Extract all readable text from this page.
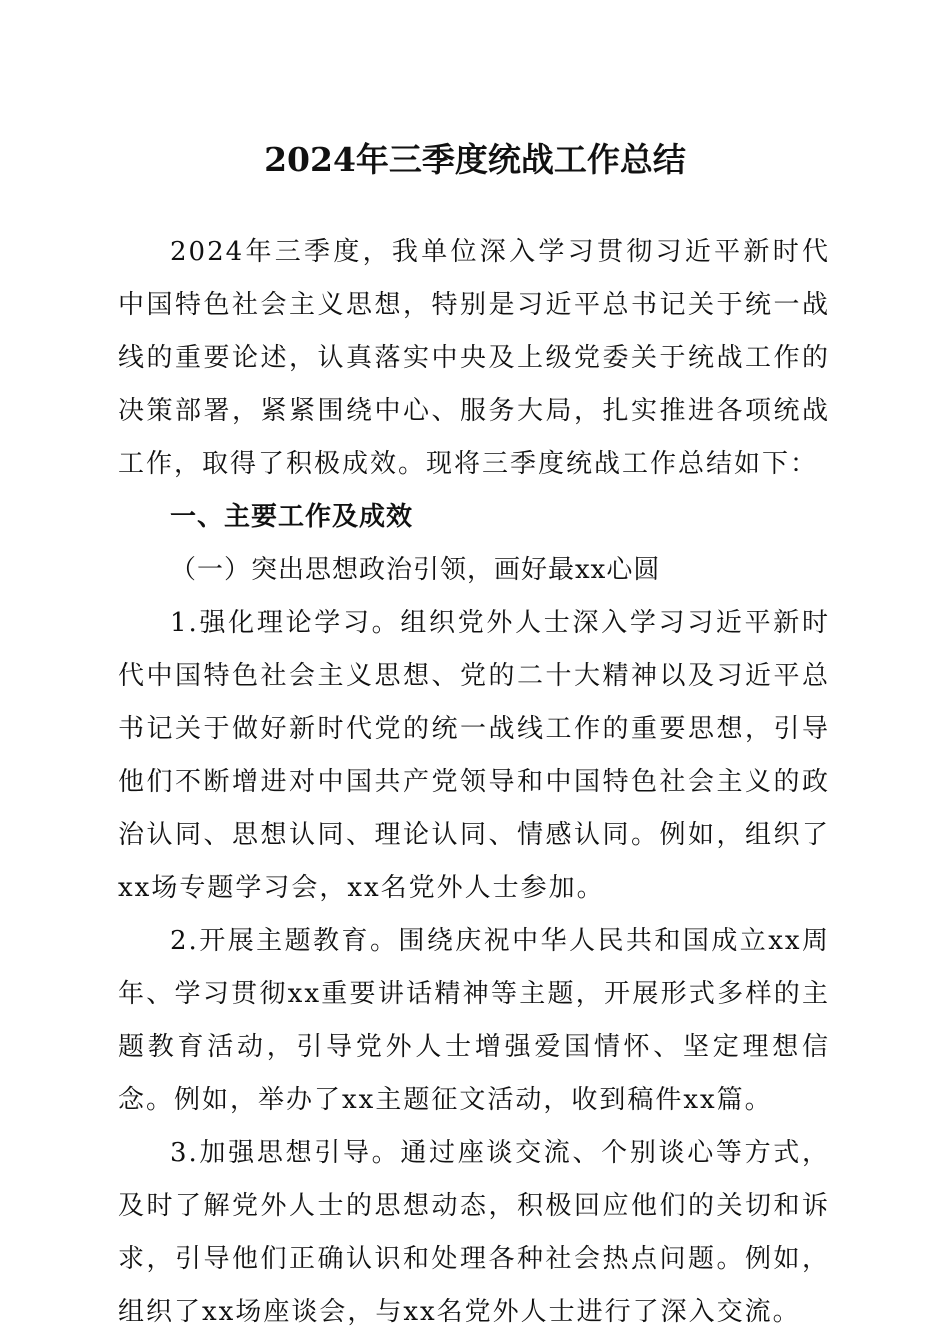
2024年三季度统战工作总结

2024年三季度，我单位深入学习贯彻习近平新时代中国特色社会主义思想，特别是习近平总书记关于统一战线的重要论述，认真落实中央及上级党委关于统战工作的决策部署，紧紧围绕中心、服务大局，扎实推进各项统战工作，取得了积极成效。现将三季度统战工作总结如下：

一、主要工作及成效

（一）突出思想政治引领，画好最xx心圆

1.强化理论学习。组织党外人士深入学习习近平新时代中国特色社会主义思想、党的二十大精神以及习近平总书记关于做好新时代党的统一战线工作的重要思想，引导他们不断增进对中国共产党领导和中国特色社会主义的政治认同、思想认同、理论认同、情感认同。例如，组织了xx场专题学习会，xx名党外人士参加。

2.开展主题教育。围绕庆祝中华人民共和国成立xx周年、学习贯彻xx重要讲话精神等主题，开展形式多样的主题教育活动，引导党外人士增强爱国情怀、坚定理想信念。例如，举办了xx主题征文活动，收到稿件xx篇。

3.加强思想引导。通过座谈交流、个别谈心等方式，及时了解党外人士的思想动态，积极回应他们的关切和诉求，引导他们正确认识和处理各种社会热点问题。例如，组织了xx场座谈会，与xx名党外人士进行了深入交流。
